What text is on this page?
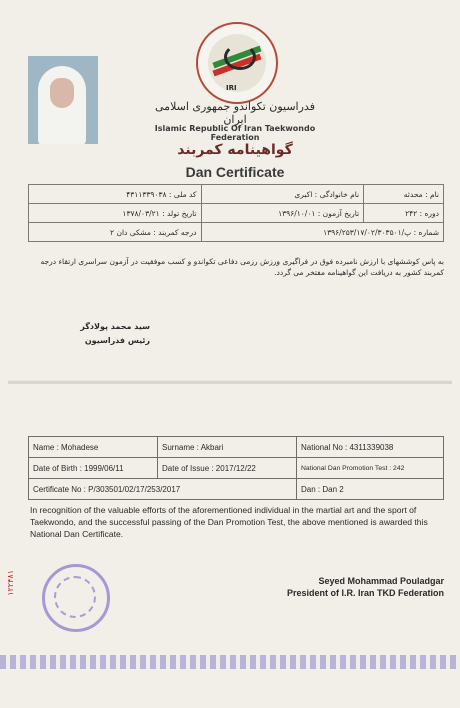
IRI
فدراسیون تکواندو جمهوری اسلامی ایران
Islamic Republic Of Iran Taekwondo Federation
گواهینامه کمربند
Dan Certificate
نام : محدثه	نام خانوادگی : اکبری	کد ملی : ۴۳۱۱۳۳۹۰۳۸
دوره : ۲۴۲	تاریخ آزمون : ۱۳۹۶/۱۰/۰۱	تاریخ تولد : ۱۳۷۸/۰۳/۲۱
شماره : پ/۱۳۹۶/۲۵۳/۱۷/۰۲/۳۰۳۵۰۱		درجه کمربند : مشکی دان ۲
به پاس کوششهای با ارزش نامبرده فوق در فراگیری ورزش رزمی دفاعی تکواندو و کسب موفقیت در آزمون سراسری ارتقاء درجه کمربند کشور به دریافت این گواهینامه مفتخر می گردد.
سید محمد پولادگر
رئیس فدراسیون
Name : Mohadese	Surname : Akbari	National No : 4311339038
Date of Birth : 1999/06/11	Date of Issue : 2017/12/22	National Dan Promotion Test : 242
Certificate No : P/303501/02/17/253/2017		Dan : Dan 2
In recognition of the valuable efforts of the aforementioned individual in the martial art and the sport of Taekwondo, and the successful passing of the Dan Promotion Test, the above mentioned is awarded this National Dan Certificate.
۱۲۲۴۸۱	Seyed Mohammad Pouladgar
President of I.R. Iran TKD Federation
